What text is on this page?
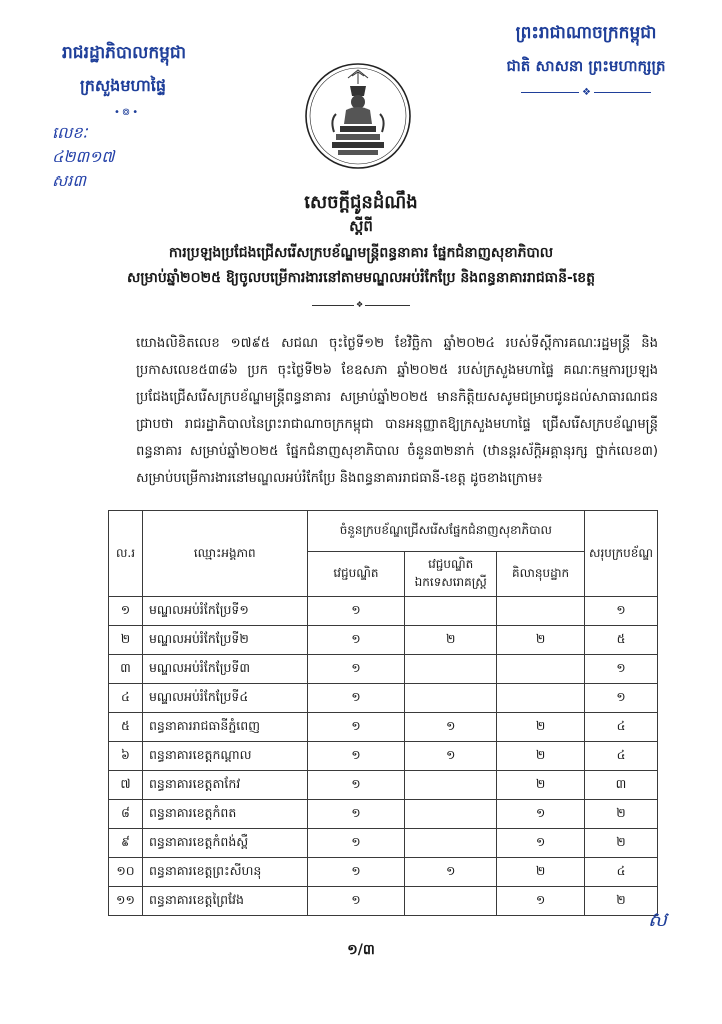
រាជរដ្ឋាភិបាលកម្ពុជា
ក្រសួងមហាផ្ទៃ
•៙•
លេខៈ ៤២៣១៧ សរ៣
ព្រះរាជាណាចក្រកម្ពុជា
ជាតិ សាសនា ព្រះមហាក្សត្រ
❖
សេចក្តីជូនដំណឹង
ស្តីពី
ការប្រឡងប្រជែងជ្រើសរើសក្របខ័ណ្ឌមន្ត្រីពន្ធនាគារ ផ្នែកជំនាញសុខាភិបាល
សម្រាប់ឆ្នាំ២០២៥ ឱ្យចូលបម្រើការងារនៅតាមមណ្ឌលអប់រំកែប្រែ និងពន្ធនាគាររាជធានី-ខេត្ត
❖

យោងលិខិតលេខ ១៧៩៥ សជណ ចុះថ្ងៃទី១២ ខែវិច្ឆិកា ឆ្នាំ២០២៤ របស់ទីស្តីការគណៈរដ្ឋមន្ត្រី និងប្រកាសលេខ៥៣៨៦ ប្រក ចុះថ្ងៃទី២៦ ខែឧសភា ឆ្នាំ២០២៥ របស់ក្រសួងមហាផ្ទៃ គណៈកម្មការប្រឡងប្រជែងជ្រើសរើសក្របខ័ណ្ឌមន្ត្រីពន្ធនាគារ សម្រាប់ឆ្នាំ២០២៥ មានកិត្តិយសសូមជម្រាបជូនដល់សាធារណជនជ្រាបថា រាជរដ្ឋាភិបាលនៃព្រះរាជាណាចក្រកម្ពុជា បានអនុញ្ញាតឱ្យក្រសួងមហាផ្ទៃ ជ្រើសរើសក្របខ័ណ្ឌមន្ត្រីពន្ធនាគារ សម្រាប់ឆ្នាំ២០២៥ ផ្នែកជំនាញសុខាភិបាល ចំនួន៣២នាក់ (ឋានន្តរស័ក្តិអគ្គានុរក្ស ថ្នាក់លេខ៣) សម្រាប់បម្រើការងារនៅមណ្ឌលអប់រំកែប្រែ និងពន្ធនាគាររាជធានី-ខេត្ត ដូចខាងក្រោម៖

ល.រ	ឈ្មោះអង្គភាព	ចំនួនក្របខ័ណ្ឌជ្រើសរើសផ្នែកជំនាញសុខាភិបាល			សរុបក្របខ័ណ្ឌ
		វេជ្ជបណ្ឌិត	វេជ្ជបណ្ឌិតឯកទេសរោគស្ត្រី	គិលានុបដ្ឋាក	
១	មណ្ឌលអប់រំកែប្រែទី១	១			១
២	មណ្ឌលអប់រំកែប្រែទី២	១	២	២	៥
៣	មណ្ឌលអប់រំកែប្រែទី៣	១			១
៤	មណ្ឌលអប់រំកែប្រែទី៤	១			១
៥	ពន្ធនាគាររាជធានីភ្នំពេញ	១	១	២	៤
៦	ពន្ធនាគារខេត្តកណ្តាល	១	១	២	៤
៧	ពន្ធនាគារខេត្តតាកែវ	១		២	៣
៨	ពន្ធនាគារខេត្តកំពត	១		១	២
៩	ពន្ធនាគារខេត្តកំពង់ស្ពឺ	១		១	២
១០	ពន្ធនាគារខេត្តព្រះសីហនុ	១	១	២	៤
១១	ពន្ធនាគារខេត្តព្រៃវែង	១		១	២
ស
១/៣
